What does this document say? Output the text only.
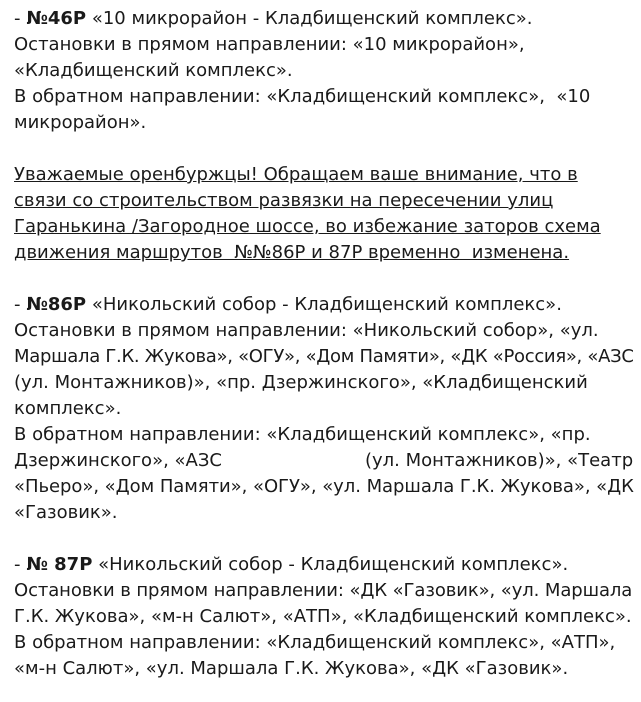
- №46Р «10 микрорайон - Кладбищенский комплекс».
Остановки в прямом направлении: «10 микрорайон»,
«Кладбищенский комплекс».
В обратном направлении: «Кладбищенский комплекс»,  «10
микрорайон».
Уважаемые оренбуржцы! Обращаем ваше внимание, что в
связи со строительством развязки на пересечении улиц
Гаранькина /Загородное шоссе, во избежание заторов схема
движения маршрутов  №№86Р и 87Р временно  изменена.
- №86Р «Никольский собор - Кладбищенский комплекс».
Остановки в прямом направлении: «Никольский собор», «ул.
Маршала Г.К. Жукова», «ОГУ», «Дом Памяти», «ДК «Россия», «АЗС
(ул. Монтажников)», «пр. Дзержинского», «Кладбищенский
комплекс».
В обратном направлении: «Кладбищенский комплекс», «пр.
Дзержинского», «АЗС                         (ул. Монтажников)», «Театр
«Пьеро», «Дом Памяти», «ОГУ», «ул. Маршала Г.К. Жукова», «ДК
«Газовик».
- № 87Р «Никольский собор - Кладбищенский комплекс».
Остановки в прямом направлении: «ДК «Газовик», «ул. Маршала
Г.К. Жукова», «м-н Салют», «АТП», «Кладбищенский комплекс».
В обратном направлении: «Кладбищенский комплекс», «АТП»,
«м-н Салют», «ул. Маршала Г.К. Жукова», «ДК «Газовик».
